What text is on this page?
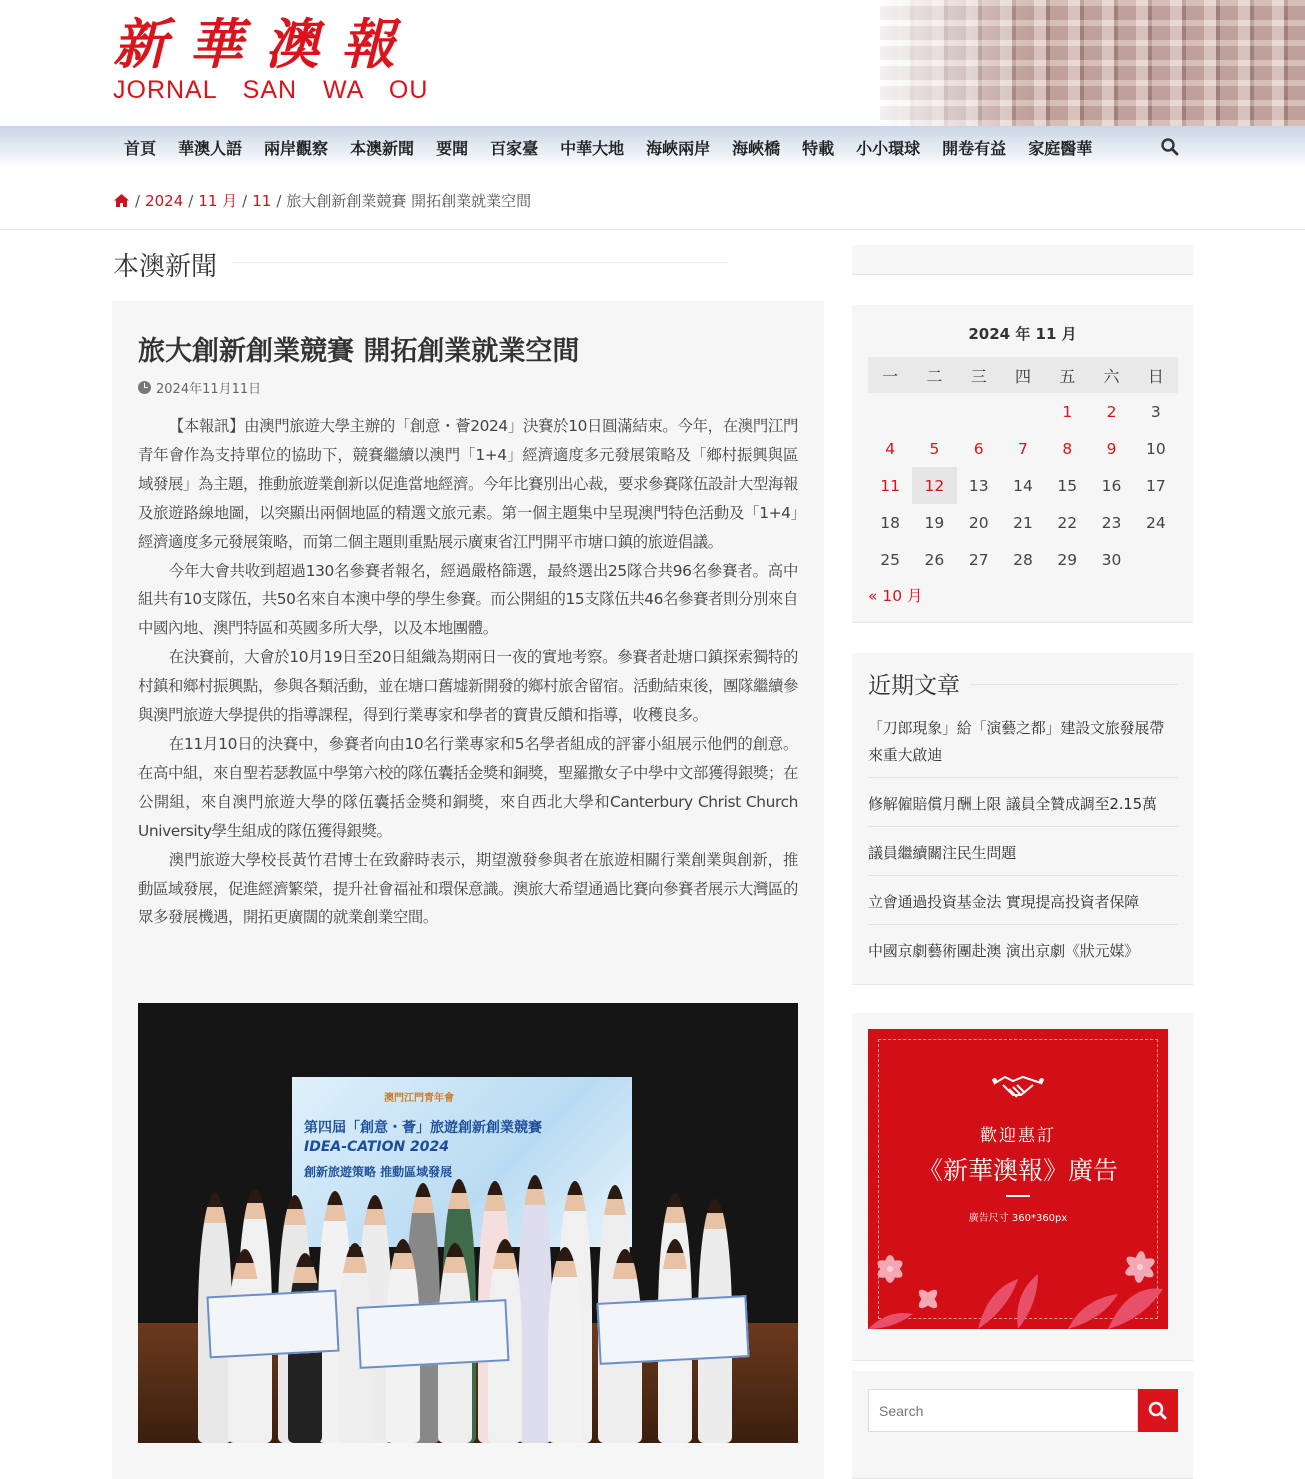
新華澳報
JORNAL SAN WA OU
首頁	華澳人語	兩岸觀察	本澳新聞	要聞	百家臺	中華大地	海峽兩岸	海峽橋	特載	小小環球	開卷有益	家庭醫華
/ 2024 / 11 月 / 11 / 旅大創新創業競賽 開拓創業就業空間
本澳新聞
旅大創新創業競賽 開拓創業就業空間
2024年11月11日

【本報訊】由澳門旅遊大學主辦的「創意・薈2024」決賽於10日圓滿結束。今年，在澳門江門青年會作為支持單位的協助下，競賽繼續以澳門「1+4」經濟適度多元發展策略及「鄉村振興與區域發展」為主題，推動旅遊業創新以促進當地經濟。今年比賽別出心裁，要求參賽隊伍設計大型海報及旅遊路線地圖，以突顯出兩個地區的精選文旅元素。第一個主題集中呈現澳門特色活動及「1+4」經濟適度多元發展策略，而第二個主題則重點展示廣東省江門開平市塘口鎮的旅遊倡議。

今年大會共收到超過130名參賽者報名，經過嚴格篩選，最終選出25隊合共96名參賽者。高中組共有10支隊伍，共50名來自本澳中學的學生參賽。而公開組的15支隊伍共46名參賽者則分別來自中國內地、澳門特區和英國多所大學，以及本地團體。

在決賽前，大會於10月19日至20日組織為期兩日一夜的實地考察。參賽者赴塘口鎮探索獨特的村鎮和鄉村振興點，參與各類活動，並在塘口舊墟新開發的鄉村旅舍留宿。活動結束後，團隊繼續參與澳門旅遊大學提供的指導課程，得到行業專家和學者的寶貴反饋和指導，收穫良多。

在11月10日的決賽中，參賽者向由10名行業專家和5名學者組成的評審小組展示他們的創意。在高中組，來自聖若瑟教區中學第六校的隊伍囊括金獎和銅獎，聖羅撒女子中學中文部獲得銀獎；在公開組，來自澳門旅遊大學的隊伍囊括金獎和銅獎，來自西北大學和Canterbury Christ Church University學生組成的隊伍獲得銀獎。

澳門旅遊大學校長黃竹君博士在致辭時表示，期望激發參與者在旅遊相關行業創業與創新，推動區域發展，促進經濟繁榮，提升社會福祉和環保意識。澳旅大希望通過比賽向參賽者展示大灣區的眾多發展機遇，開拓更廣闊的就業創業空間。

澳門江門青年會
第四屆「創意・薈」旅遊創新創業競賽
IDEA-CATION 2024
創新旅遊策略 推動區域發展
2024 年 11 月
一	二	三	四	五	六	日
				1	2	3
4	5	6	7	8	9	10
11	12	13	14	15	16	17
18	19	20	21	22	23	24
25	26	27	28	29	30	
« 10 月
近期文章
「刀郎現象」給「演藝之都」建設文旅發展帶來重大啟迪
修解僱賠償月酬上限 議員全贊成調至2.15萬
議員繼續關注民生問題
立會通過投資基金法 實現提高投資者保障
中國京劇藝術團赴澳 演出京劇《狀元媒》
歡迎惠訂
《新華澳報》廣告
廣告尺寸 360*360px
Search
